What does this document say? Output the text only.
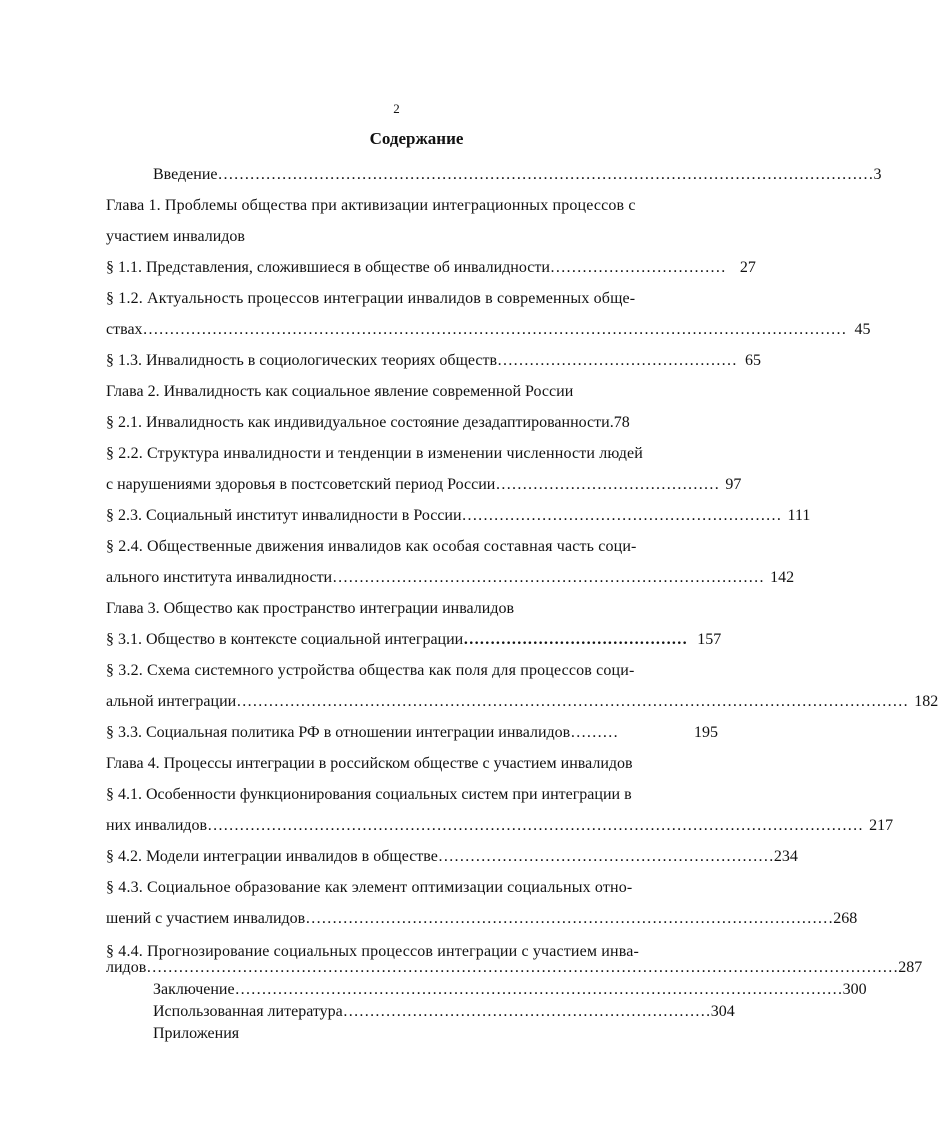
2
Содержание
Введение …………………………………………………………………………………………………………… 3
Глава 1. Проблемы общества при активизации интеграционных процессов с
участием инвалидов
§ 1.1. Представления, сложившиеся в обществе об инвалидности …………………………… 27
§ 1.2. Актуальность процессов интеграции инвалидов в современных обще-
ствах …………………………………………………………………………………………………………………… 45
§ 1.3. Инвалидность в социологических теориях обществ ……………………………………… 65
Глава 2. Инвалидность как социальное явление современной России
§ 2.1. Инвалидность как индивидуальное состояние дезадаптированности.78
§ 2.2. Структура инвалидности и тенденции в изменении численности людей
с нарушениями здоровья в постсоветский период России …………………………………… 97
§ 2.3. Социальный институт инвалидности в России …………………………………………………… 111
§ 2.4. Общественные движения инвалидов как особая составная часть соци-
ального института инвалидности ……………………………………………………………………… 142
Глава 3. Общество как пространство интеграции инвалидов
§ 3.1. Общество в контексте социальной интеграции …………………………………… 157
§ 3.2. Схема системного устройства общества как поля для процессов соци-
альной интеграции ……………………………………………………………………………………………………………… 182
§ 3.3. Социальная политика РФ в отношении интеграции инвалидов ………	195
Глава 4. Процессы интеграции в российском обществе с участием инвалидов
§ 4.1. Особенности функционирования социальных систем при интеграции в
них инвалидов …………………………………………………………………………………………………………… 217
§ 4.2. Модели интеграции инвалидов в обществе ……………………………………………………… 234
§ 4.3. Социальное образование как элемент оптимизации социальных отно-
шений с участием инвалидов ……………………………………………………………………………………… 268
§ 4.4. Прогнозирование социальных процессов интеграции с участием инва-
лидов …………………………………………………………………………………………………………………………… 287
Заключение …………………………………………………………………………………………………… 300
Использованная литература …………………………………………………………… 304
Приложения
